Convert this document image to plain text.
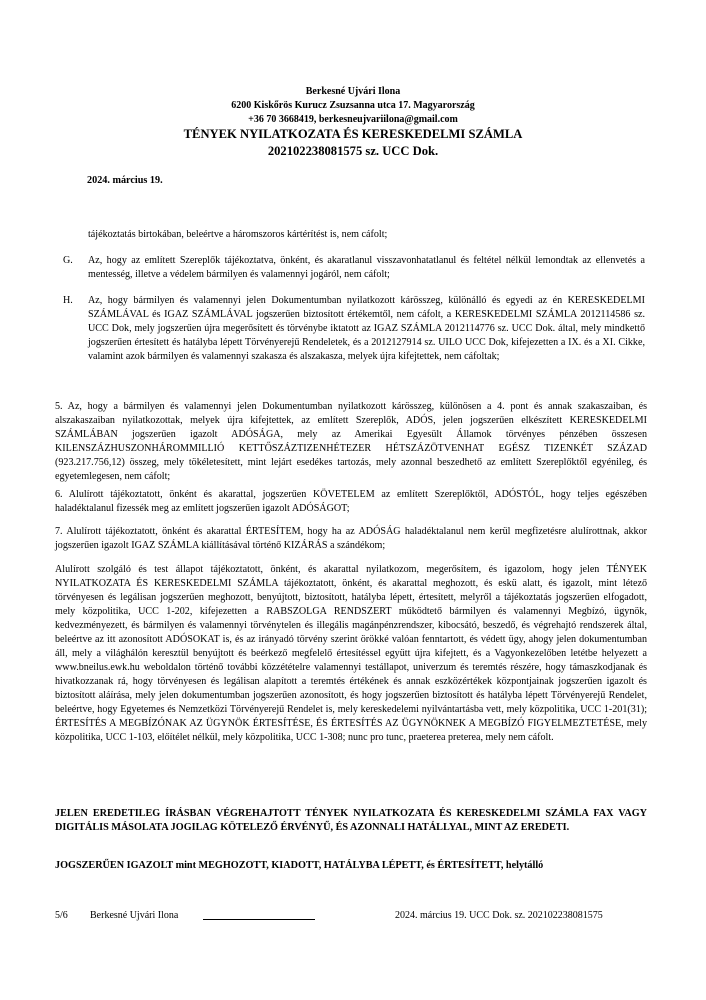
Berkesné Ujvári Ilona
6200 Kiskőrös Kurucz Zsuzsanna utca 17. Magyarország
+36 70 3668419, berkesneujvariilona@gmail.com
TÉNYEK NYILATKOZATA ÉS KERESKEDELMI SZÁMLA
202102238081575 sz. UCC Dok.
2024. március 19.
tájékoztatás birtokában, beleértve a háromszoros kártérítést is, nem cáfolt;
G. Az, hogy az említett Szereplők tájékoztatva, önként, és akaratlanul visszavonhatatlanul és feltétel nélkül lemondtak az ellenvetés a mentesség, illetve a védelem bármilyen és valamennyi jogáról, nem cáfolt;
H. Az, hogy bármilyen és valamennyi jelen Dokumentumban nyilatkozott kárösszeg, különálló és egyedi az én KERESKEDELMI SZÁMLÁVAL és IGAZ SZÁMLÁVAL jogszerűen biztosított értékemtől, nem cáfolt, a KERESKEDELMI SZÁMLA 2012114586 sz. UCC Dok, mely jogszerűen újra megerősített és törvénybe iktatott az IGAZ SZÁMLA 2012114776 sz. UCC Dok. által, mely mindkettő jogszerűen értesített és hatályba lépett Törvényerejű Rendeletek, és a 2012127914 sz. UILO UCC Dok, kifejezetten a IX. és a XI. Cikke, valamint azok bármilyen és valamennyi szakasza és alszakasza, melyek újra kifejtettek, nem cáfoltak;
5. Az, hogy a bármilyen és valamennyi jelen Dokumentumban nyilatkozott kárösszeg, különösen a 4. pont és annak szakaszaiban, és alszakaszaiban nyilatkozottak, melyek újra kifejtettek, az említett Szereplők, ADÓS, jelen jogszerűen elkészített KERESKEDELMI SZÁMLÁBAN jogszerűen igazolt ADÓSÁGA, mely az Amerikai Egyesült Államok törvényes pénzében összesen KILENSZÁZHUSZONHÁROMMILLIÓ KETTŐSZÁZTIZENHÉTEZER HÉTSZÁZÖTVENHAT EGÉSZ TIZENKÉT SZÁZAD (923.217.756,12) összeg, mely tökéletesített, mint lejárt esedékes tartozás, mely azonnal beszedhető az említett Szereplőktől egyénileg, és egyetemlegesen, nem cáfolt;
6. Alulírott tájékoztatott, önként és akarattal, jogszerűen KÖVETELEM az említett Szereplőktől, ADÓSTÓL, hogy teljes egészében haladéktalanul fizessék meg az említett jogszerűen igazolt ADÓSÁGOT;
7. Alulírott tájékoztatott, önként és akarattal ÉRTESÍTEM, hogy ha az ADÓSÁG haladéktalanul nem kerül megfizetésre alulírottnak, akkor jogszerűen igazolt IGAZ SZÁMLA kiállításával történő KIZÁRÁS a szándékom;
Alulírott szolgáló és test állapot tájékoztatott, önként, és akarattal nyilatkozom, megerősítem, és igazolom, hogy jelen TÉNYEK NYILATKOZATA ÉS KERESKEDELMI SZÁMLA tájékoztatott, önként, és akarattal meghozott, és eskü alatt, és igazolt, mint létező törvényesen és legálisan jogszerűen meghozott, benyújtott, biztosított, hatályba lépett, értesített, melyről a tájékoztatás jogszerűen elfogadott, mely közpolitika, UCC 1-202, kifejezetten a RABSZOLGA RENDSZERT működtető bármilyen és valamennyi Megbízó, ügynök, kedvezményezett, és bármilyen és valamennyi törvénytelen és illegális magánpénzrendszer, kibocsátó, beszedő, és végrehajtó rendszerek által, beleértve az itt azonosított ADÓSOKAT is, és az irányadó törvény szerint örökké valóan fenntartott, és védett ügy, ahogy jelen dokumentumban áll, mely a világhálón keresztül benyújtott és beérkező megfelelő értesítéssel együtt újra kifejtett, és a Vagyonkezelőben letétbe helyezett a www.bneilus.ewk.hu weboldalon történő további közzétételre valamennyi testállapot, univerzum és teremtés részére, hogy támaszkodjanak és hivatkozzanak rá, hogy törvényesen és legálisan alapított a teremtés értékének és annak eszközértékek központjainak jogszerűen igazolt és biztosított aláírása, mely jelen dokumentumban jogszerűen azonosított, és hogy jogszerűen biztosított és hatályba lépett Törvényerejű Rendelet, beleértve, hogy Egyetemes és Nemzetközi Törvényerejű Rendelet is, mely kereskedelemi nyilvántartásba vett, mely közpolitika, UCC 1-201(31); ÉRTESÍTÉS A MEGBÍZÓNAK AZ ÜGYNÖK ÉRTESÍTÉSE, ÉS ÉRTESÍTÉS AZ ÜGYNÖKNEK A MEGBÍZÓ FIGYELMEZTETÉSE, mely közpolitika, UCC 1-103, előítélet nélkül, mely közpolitika, UCC 1-308; nunc pro tunc, praeterea preterea, mely nem cáfolt.
JELEN EREDETILEG ÍRÁSBAN VÉGREHAJTOTT TÉNYEK NYILATKOZATA ÉS KERESKEDELMI SZÁMLA FAX VAGY DIGITÁLIS MÁSOLATA JOGILAG KÖTELEZŐ ÉRVÉNYŰ, ÉS AZONNALI HATÁLLYAL, MINT AZ EREDETI.
JOGSZERŰEN IGAZOLT mint MEGHOZOTT, KIADOTT, HATÁLYBA LÉPETT, és ÉRTESÍTETT, helytálló
5/6 Berkesné Ujvári Ilona	2024. március 19. UCC Dok. sz. 202102238081575
